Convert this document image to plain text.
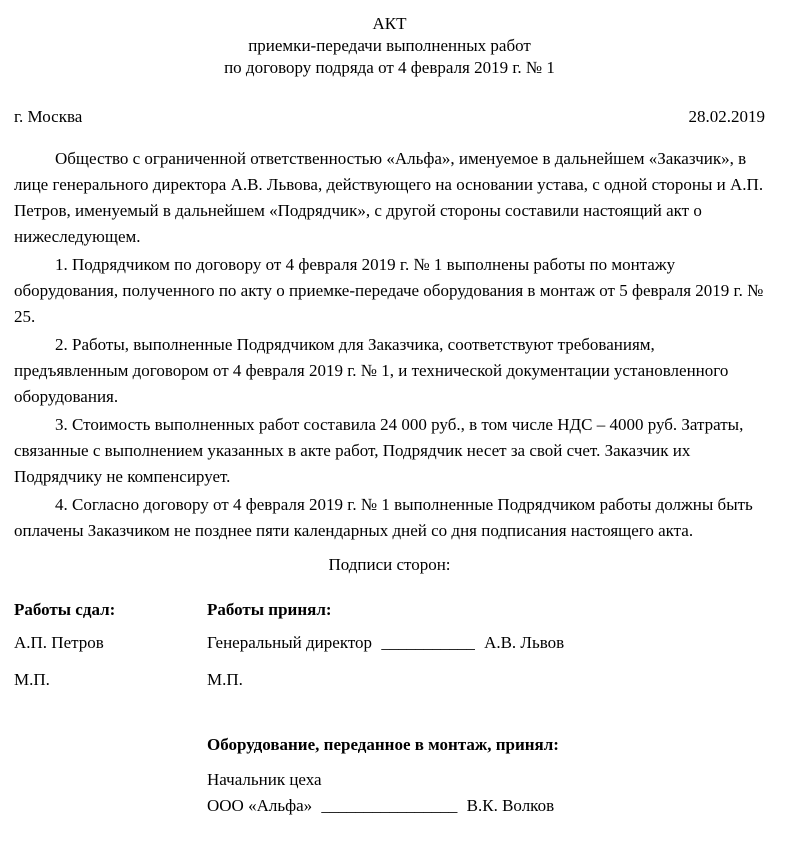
АКТ
приемки-передачи выполненных работ
по договору подряда от 4 февраля 2019 г. № 1
г. Москва	28.02.2019

Общество с ограниченной ответственностью «Альфа», именуемое в дальнейшем «Заказчик», в лице генерального директора А.В. Львова, действующего на основании устава, с одной стороны и А.П. Петров, именуемый в дальнейшем «Подрядчик», с другой стороны составили настоящий акт о нижеследующем.

1. Подрядчиком по договору от 4 февраля 2019 г. № 1 выполнены работы по монтажу оборудования, полученного по акту о приемке-передаче оборудования в монтаж от 5 февраля 2019 г. № 25.

2. Работы, выполненные Подрядчиком для Заказчика, соответствуют требованиям, предъявленным договором от 4 февраля 2019 г. № 1, и технической документации установленного оборудования.

3. Стоимость выполненных работ составила 24 000 руб., в том числе НДС – 4000 руб. Затраты, связанные с выполнением указанных в акте работ, Подрядчик несет за свой счет. Заказчик их Подрядчику не компенсирует.

4. Согласно договору от 4 февраля 2019 г. № 1 выполненные Подрядчиком работы должны быть оплачены Заказчиком не позднее пяти календарных дней со дня подписания настоящего акта.

Подписи сторон:
Работы сдал:	Работы принял:
А.П. Петров	Генеральный директор ___________ А.В. Львов
М.П.	М.П.
Оборудование, переданное в монтаж, принял:
Начальник цеха
ООО «Альфа» ________________ В.К. Волков
